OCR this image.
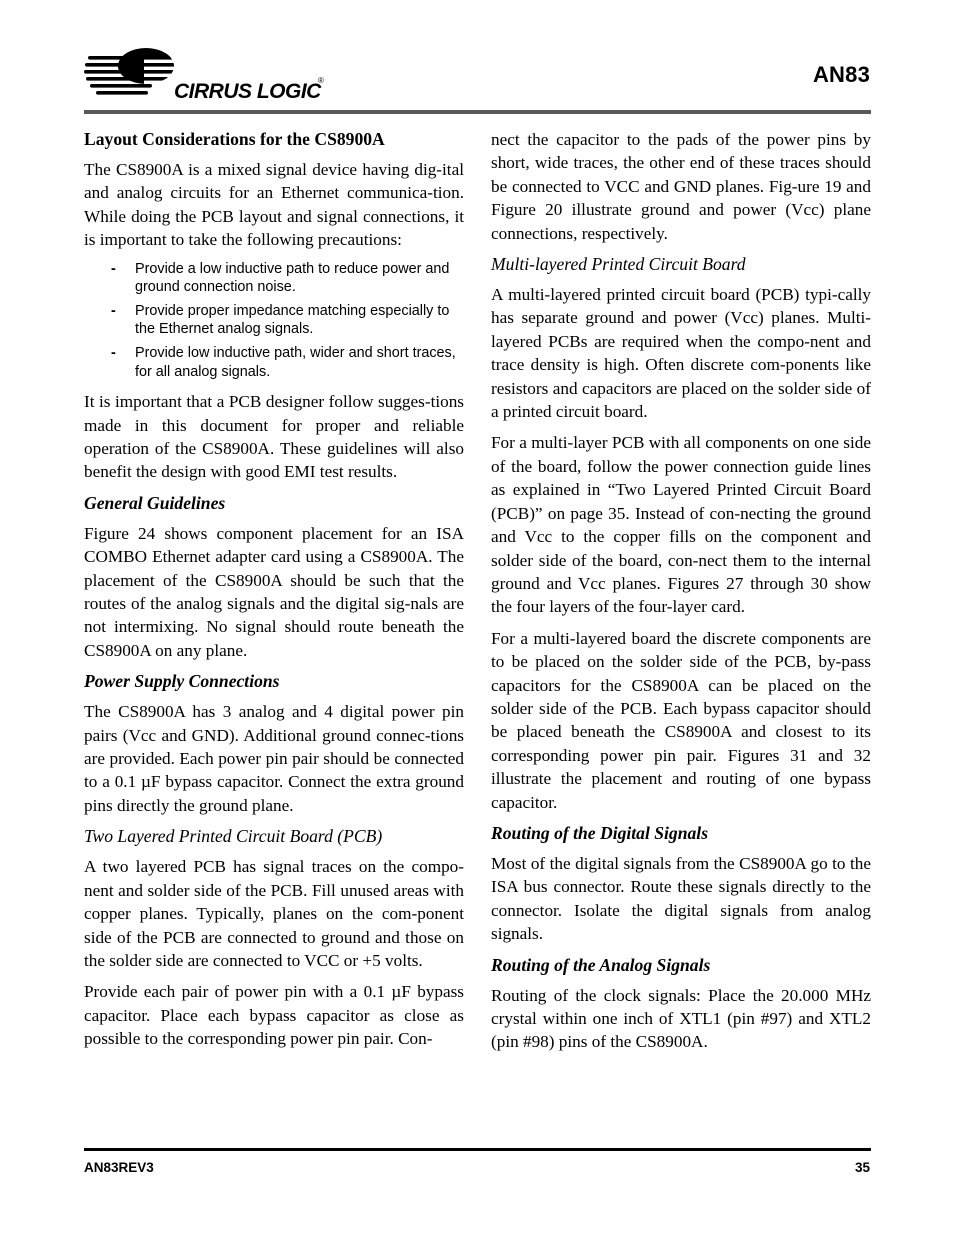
CIRRUS LOGIC
®	AN83
Layout Considerations for the CS8900A

The CS8900A is a mixed signal device having dig-ital and analog circuits for an Ethernet communica-tion. While doing the PCB layout and signal connections, it is important to take the following precautions:

- Provide a low inductive path to reduce power and ground connection noise.
- Provide proper impedance matching especially to the Ethernet analog signals.
- Provide low inductive path, wider and short traces, for all analog signals.

It is important that a PCB designer follow sugges-tions made in this document for proper and reliable operation of the CS8900A. These guidelines will also benefit the design with good EMI test results.

General Guidelines

Figure 24 shows component placement for an ISA COMBO Ethernet adapter card using a CS8900A. The placement of the CS8900A should be such that the routes of the analog signals and the digital sig-nals are not intermixing. No signal should route beneath the CS8900A on any plane.

Power Supply Connections

The CS8900A has 3 analog and 4 digital power pin pairs (Vcc and GND). Additional ground connec-tions are provided. Each power pin pair should be connected to a 0.1 µF bypass capacitor. Connect the extra ground pins directly the ground plane.

Two Layered Printed Circuit Board (PCB)

A two layered PCB has signal traces on the compo-nent and solder side of the PCB. Fill unused areas with copper planes. Typically, planes on the com-ponent side of the PCB are connected to ground and those on the solder side are connected to VCC or +5 volts.

Provide each pair of power pin with a 0.1 µF bypass capacitor. Place each bypass capacitor as close as possible to the corresponding power pin pair. Con-

nect the capacitor to the pads of the power pins by short, wide traces, the other end of these traces should be connected to VCC and GND planes. Fig-ure 19 and Figure 20 illustrate ground and power (Vcc) plane connections, respectively.

Multi-layered Printed Circuit Board

A multi-layered printed circuit board (PCB) typi-cally has separate ground and power (Vcc) planes. Multi-layered PCBs are required when the compo-nent and trace density is high. Often discrete com-ponents like resistors and capacitors are placed on the solder side of a printed circuit board.

For a multi-layer PCB with all components on one side of the board, follow the power connection guide lines as explained in “Two Layered Printed Circuit Board (PCB)” on page 35. Instead of con-necting the ground and Vcc to the copper fills on the component and solder side of the board, con-nect them to the internal ground and Vcc planes. Figures 27 through 30 show the four layers of the four-layer card.

For a multi-layered board the discrete components are to be placed on the solder side of the PCB, by-pass capacitors for the CS8900A can be placed on the solder side of the PCB. Each bypass capacitor should be placed beneath the CS8900A and closest to its corresponding power pin pair. Figures 31 and 32 illustrate the placement and routing of one bypass capacitor.

Routing of the Digital Signals

Most of the digital signals from the CS8900A go to the ISA bus connector. Route these signals directly to the connector. Isolate the digital signals from analog signals.

Routing of the Analog Signals

Routing of the clock signals: Place the 20.000 MHz crystal within one inch of XTL1 (pin #97) and XTL2 (pin #98) pins of the CS8900A.

AN83REV3	35
